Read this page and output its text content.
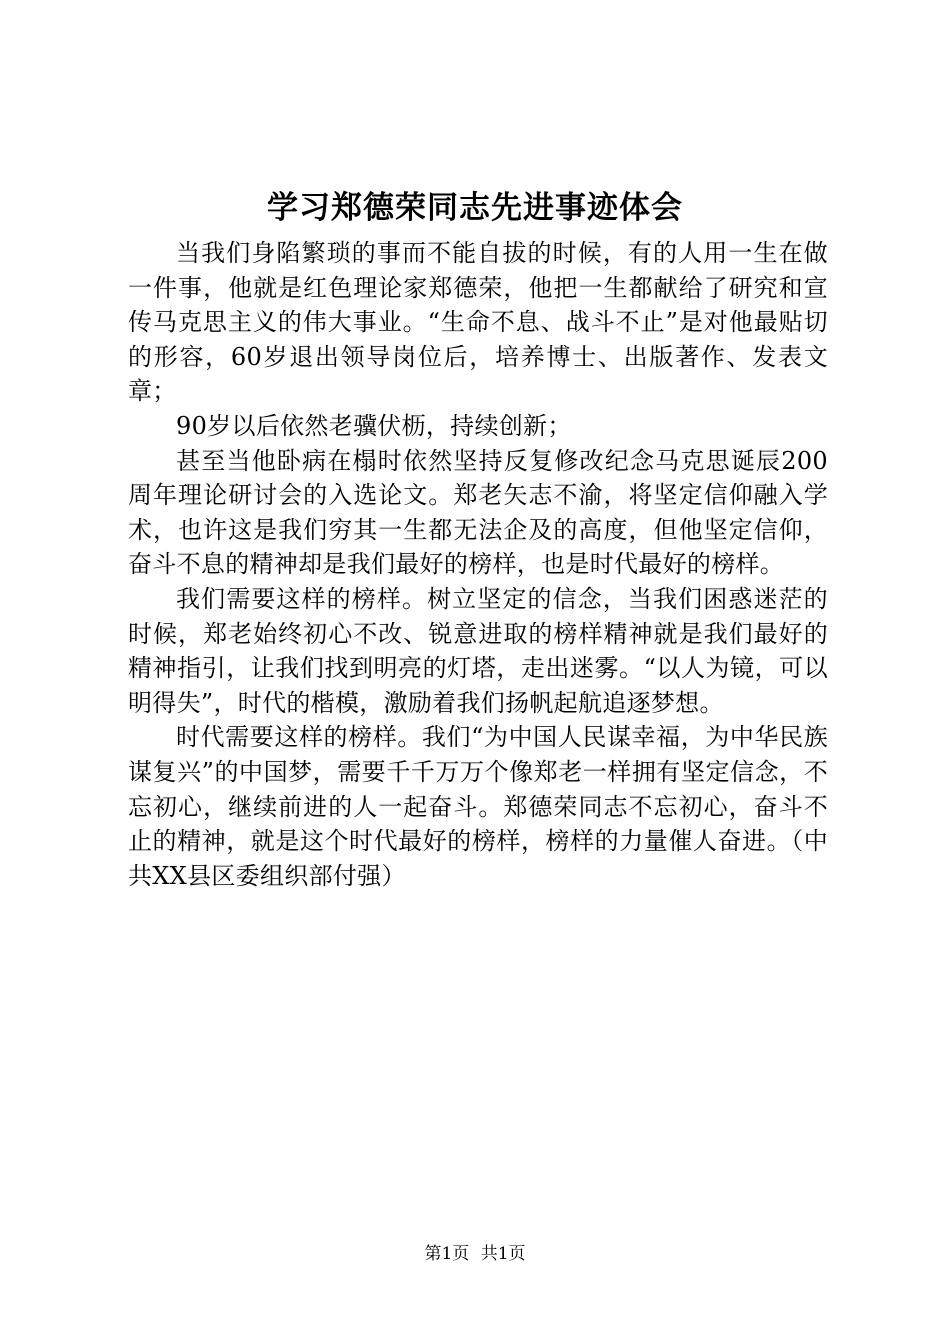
学习郑德荣同志先进事迹体会

当我们身陷繁琐的事而不能自拔的时候，有的人用一生在做一件事，他就是红色理论家郑德荣，他把一生都献给了研究和宣传马克思主义的伟大事业。“生命不息、战斗不止”是对他最贴切的形容，60岁退出领导岗位后，培养博士、出版著作、发表文章；

90岁以后依然老骥伏枥，持续创新；

甚至当他卧病在榻时依然坚持反复修改纪念马克思诞辰200周年理论研讨会的入选论文。郑老矢志不渝，将坚定信仰融入学术，也许这是我们穷其一生都无法企及的高度，但他坚定信仰，奋斗不息的精神却是我们最好的榜样，也是时代最好的榜样。

我们需要这样的榜样。树立坚定的信念，当我们困惑迷茫的时候，郑老始终初心不改、锐意进取的榜样精神就是我们最好的精神指引，让我们找到明亮的灯塔，走出迷雾。“以人为镜，可以明得失”，时代的楷模，激励着我们扬帆起航追逐梦想。

时代需要这样的榜样。我们“为中国人民谋幸福，为中华民族谋复兴”的中国梦，需要千千万万个像郑老一样拥有坚定信念，不忘初心，继续前进的人一起奋斗。郑德荣同志不忘初心，奋斗不止的精神，就是这个时代最好的榜样，榜样的力量催人奋进。（中共XX县区委组织部付强）

第1页 共1页
